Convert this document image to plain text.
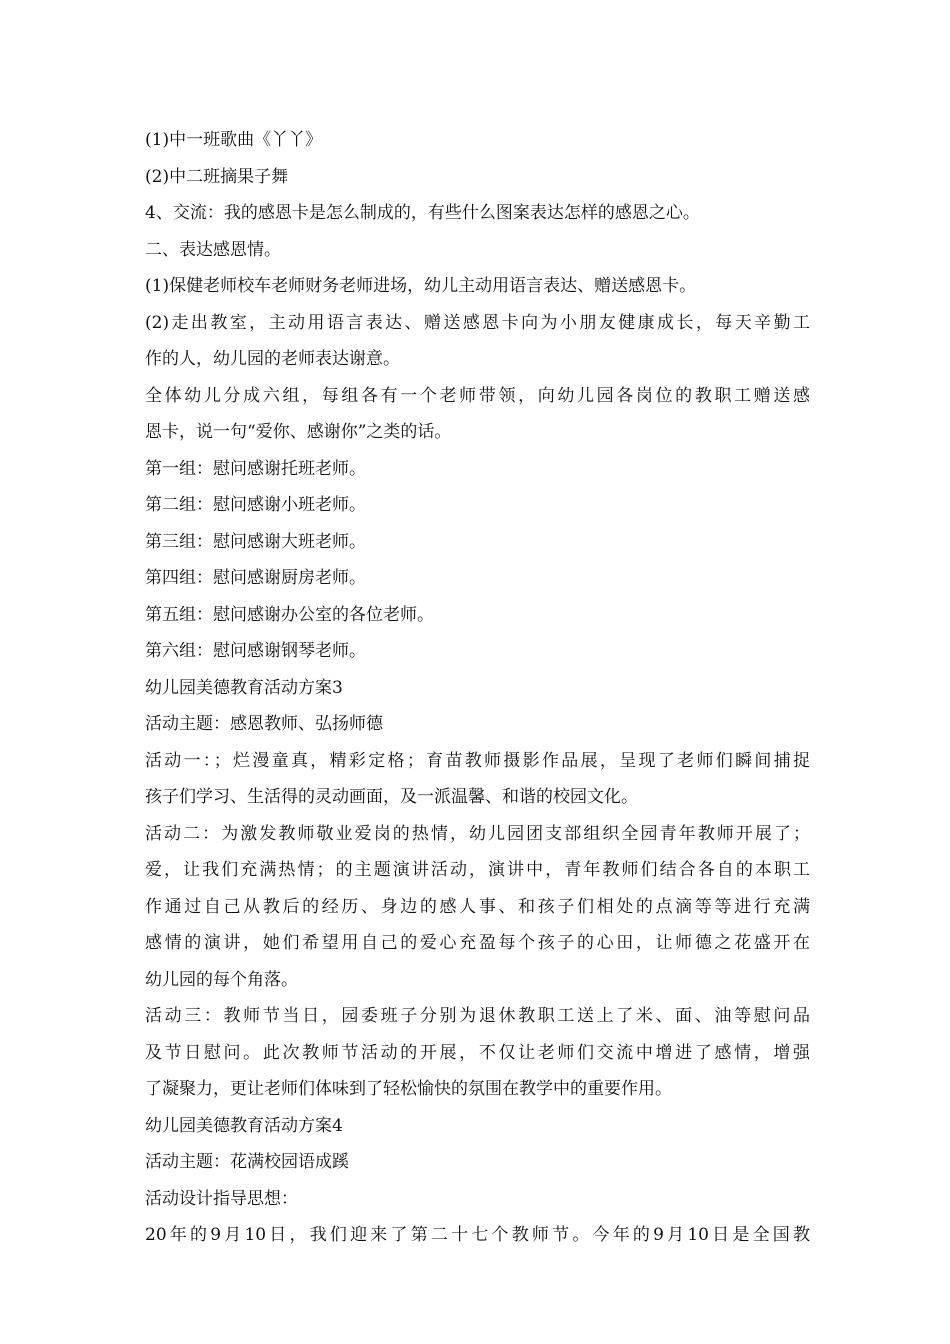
(1)中一班歌曲《丫丫》
(2)中二班摘果子舞
4、交流：我的感恩卡是怎么制成的，有些什么图案表达怎样的感恩之心。
二、表达感恩情。
(1)保健老师校车老师财务老师进场，幼儿主动用语言表达、赠送感恩卡。
(2)走出教室，主动用语言表达、赠送感恩卡向为小朋友健康成长，每天辛勤工
作的人，幼儿园的老师表达谢意。
全体幼儿分成六组，每组各有一个老师带领，向幼儿园各岗位的教职工赠送感
恩卡，说一句“爱你、感谢你”之类的话。
第一组：慰问感谢托班老师。
第二组：慰问感谢小班老师。
第三组：慰问感谢大班老师。
第四组：慰问感谢厨房老师。
第五组：慰问感谢办公室的各位老师。
第六组：慰问感谢钢琴老师。
幼儿园美德教育活动方案3
活动主题：感恩教师、弘扬师德
活动一：；烂漫童真，精彩定格；育苗教师摄影作品展，呈现了老师们瞬间捕捉
孩子们学习、生活得的灵动画面，及一派温馨、和谐的校园文化。
活动二：为激发教师敬业爱岗的热情，幼儿园团支部组织全园青年教师开展了；
爱，让我们充满热情；的主题演讲活动，演讲中，青年教师们结合各自的本职工
作通过自己从教后的经历、身边的感人事、和孩子们相处的点滴等等进行充满
感情的演讲，她们希望用自己的爱心充盈每个孩子的心田，让师德之花盛开在
幼儿园的每个角落。
活动三：教师节当日，园委班子分别为退休教职工送上了米、面、油等慰问品
及节日慰问。此次教师节活动的开展，不仅让老师们交流中增进了感情，增强
了凝聚力，更让老师们体味到了轻松愉快的氛围在教学中的重要作用。
幼儿园美德教育活动方案4
活动主题：花满校园语成蹊
活动设计指导思想：
20年的9月10日，我们迎来了第二十七个教师节。今年的9月10日是全国教
